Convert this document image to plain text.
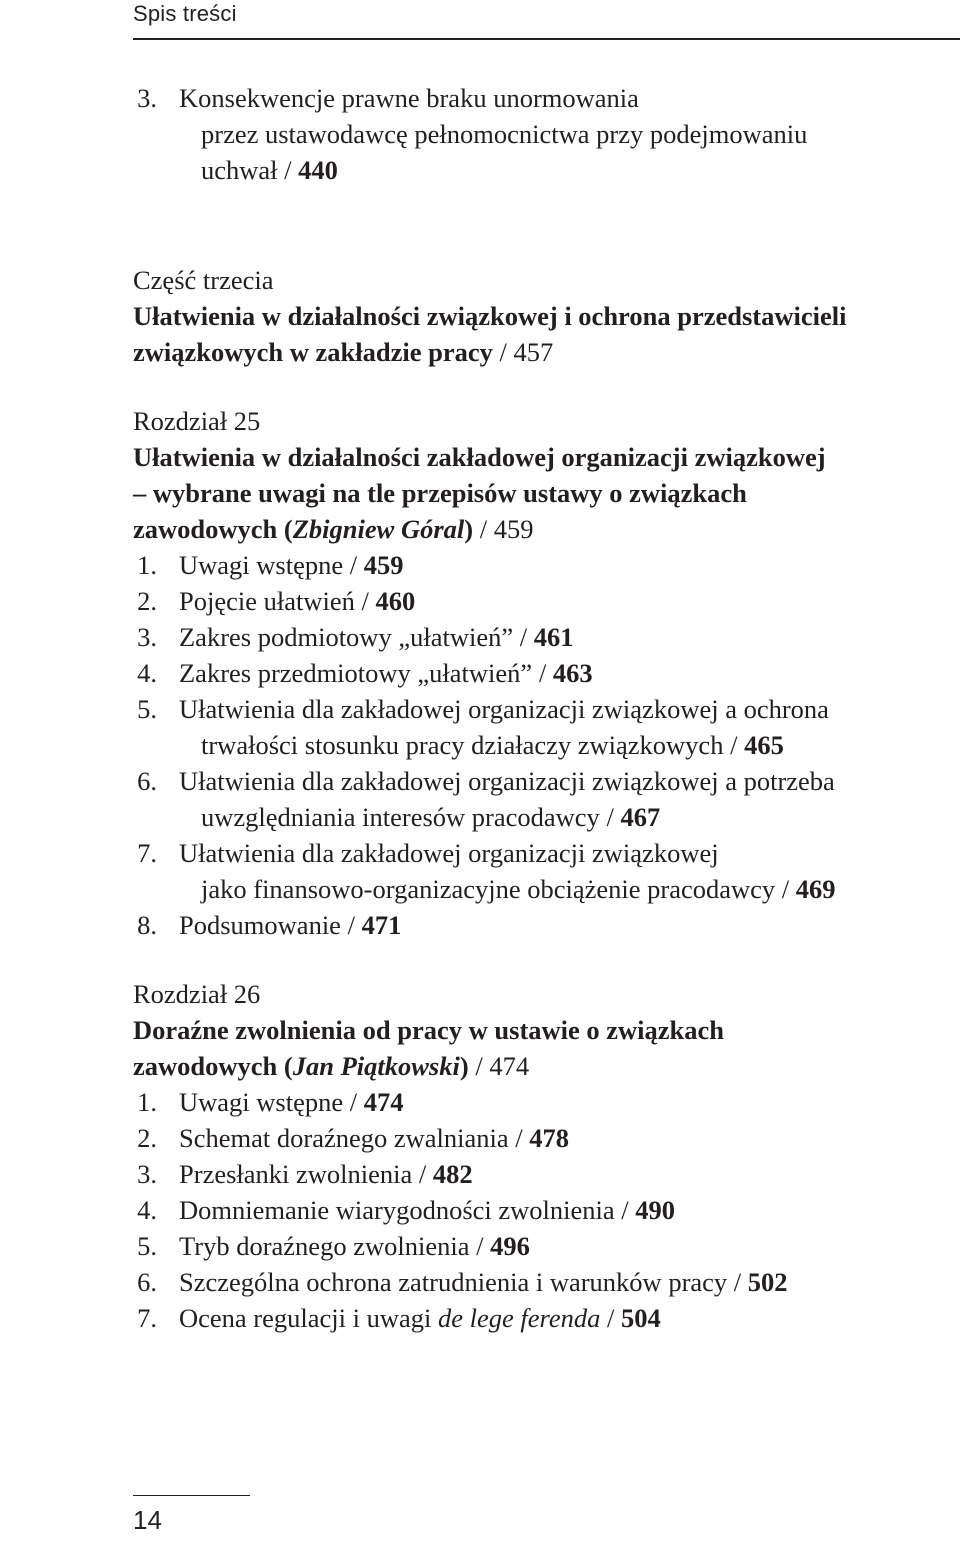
Spis treści
3. Konsekwencje prawne braku unormowania
przez ustawodawcę pełnomocnictwa przy podejmowaniu
uchwał / 440
Część trzecia
Ułatwienia w działalności związkowej i ochrona przedstawicieli
związkowych w zakładzie pracy / 457
Rozdział 25
Ułatwienia w działalności zakładowej organizacji związkowej
– wybrane uwagi na tle przepisów ustawy o związkach
zawodowych (Zbigniew Góral) / 459
1. Uwagi wstępne / 459
2. Pojęcie ułatwień / 460
3. Zakres podmiotowy „ułatwień” / 461
4. Zakres przedmiotowy „ułatwień” / 463
5. Ułatwienia dla zakładowej organizacji związkowej a ochrona
trwałości stosunku pracy działaczy związkowych / 465
6. Ułatwienia dla zakładowej organizacji związkowej a potrzeba
uwzględniania interesów pracodawcy / 467
7. Ułatwienia dla zakładowej organizacji związkowej
jako finansowo-organizacyjne obciążenie pracodawcy / 469
8. Podsumowanie / 471
Rozdział 26
Doraźne zwolnienia od pracy w ustawie o związkach
zawodowych (Jan Piątkowski) / 474
1. Uwagi wstępne / 474
2. Schemat doraźnego zwalniania / 478
3. Przesłanki zwolnienia / 482
4. Domniemanie wiarygodności zwolnienia / 490
5. Tryb doraźnego zwolnienia / 496
6. Szczególna ochrona zatrudnienia i warunków pracy / 502
7. Ocena regulacji i uwagi de lege ferenda / 504
14
